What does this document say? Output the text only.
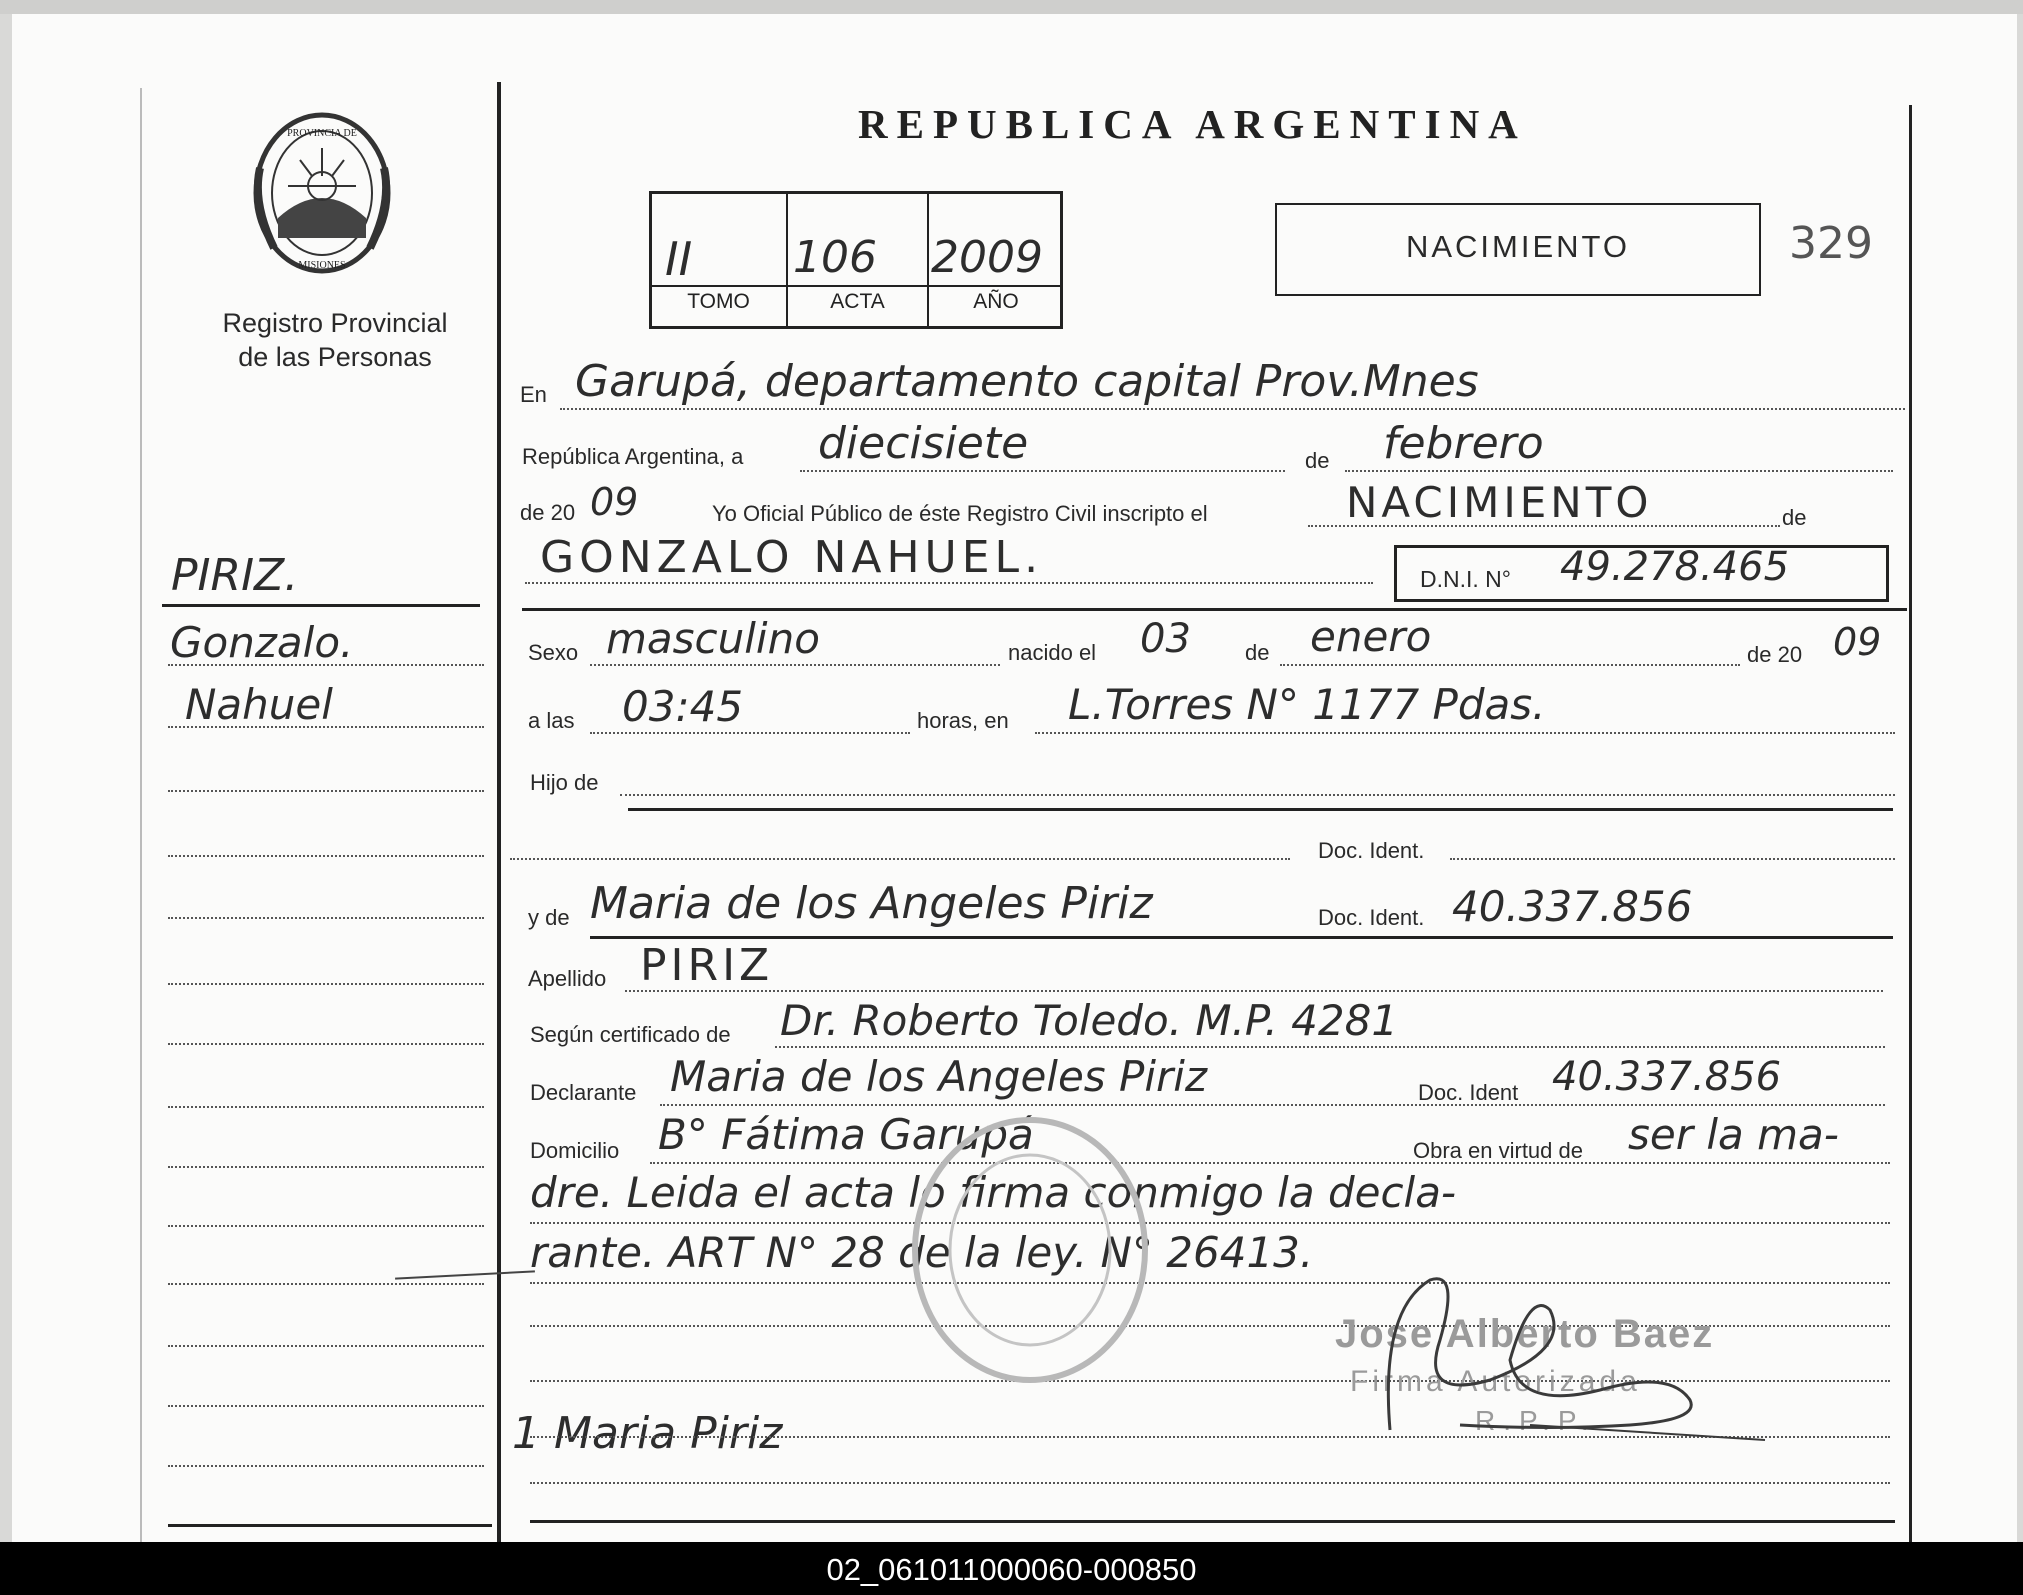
PROVINCIA DE
MISIONES
Registro Provincial
de las Personas
REPUBLICA ARGENTINA
II 106 2009
TOMO	ACTA	AÑO
NACIMIENTO	329
PIRIZ.
Gonzalo.
Nahuel
1 Maria Piriz
En Garupá, departamento capital Prov.Mnes
República Argentina, a diecisiete	de febrero
de 20 09	Yo Oficial Público de éste Registro Civil inscripto el	NACIMIENTO	de
GONZALO NAHUEL.	D.N.I. N° 49.278.465
Sexo masculino	nacido el 03 de enero	de 20 09
a las 03:45	horas, en L.Torres N° 1177 Pdas.
Hijo de
Doc. Ident.
y de Maria de los Angeles Piriz	Doc. Ident. 40.337.856
Apellido PIRIZ
Según certificado de Dr. Roberto Toledo. M.P. 4281
Declarante Maria de los Angeles Piriz	Doc. Ident 40.337.856
Domicilio B° Fátima Garupá	Obra en virtud de ser la ma-
dre. Leida el acta lo firma conmigo la decla-
rante. ART N° 28 de la ley. N° 26413.
Jose Alberto Baez
Firma Autorizada
R.P.P.
02_061011000060-000850
